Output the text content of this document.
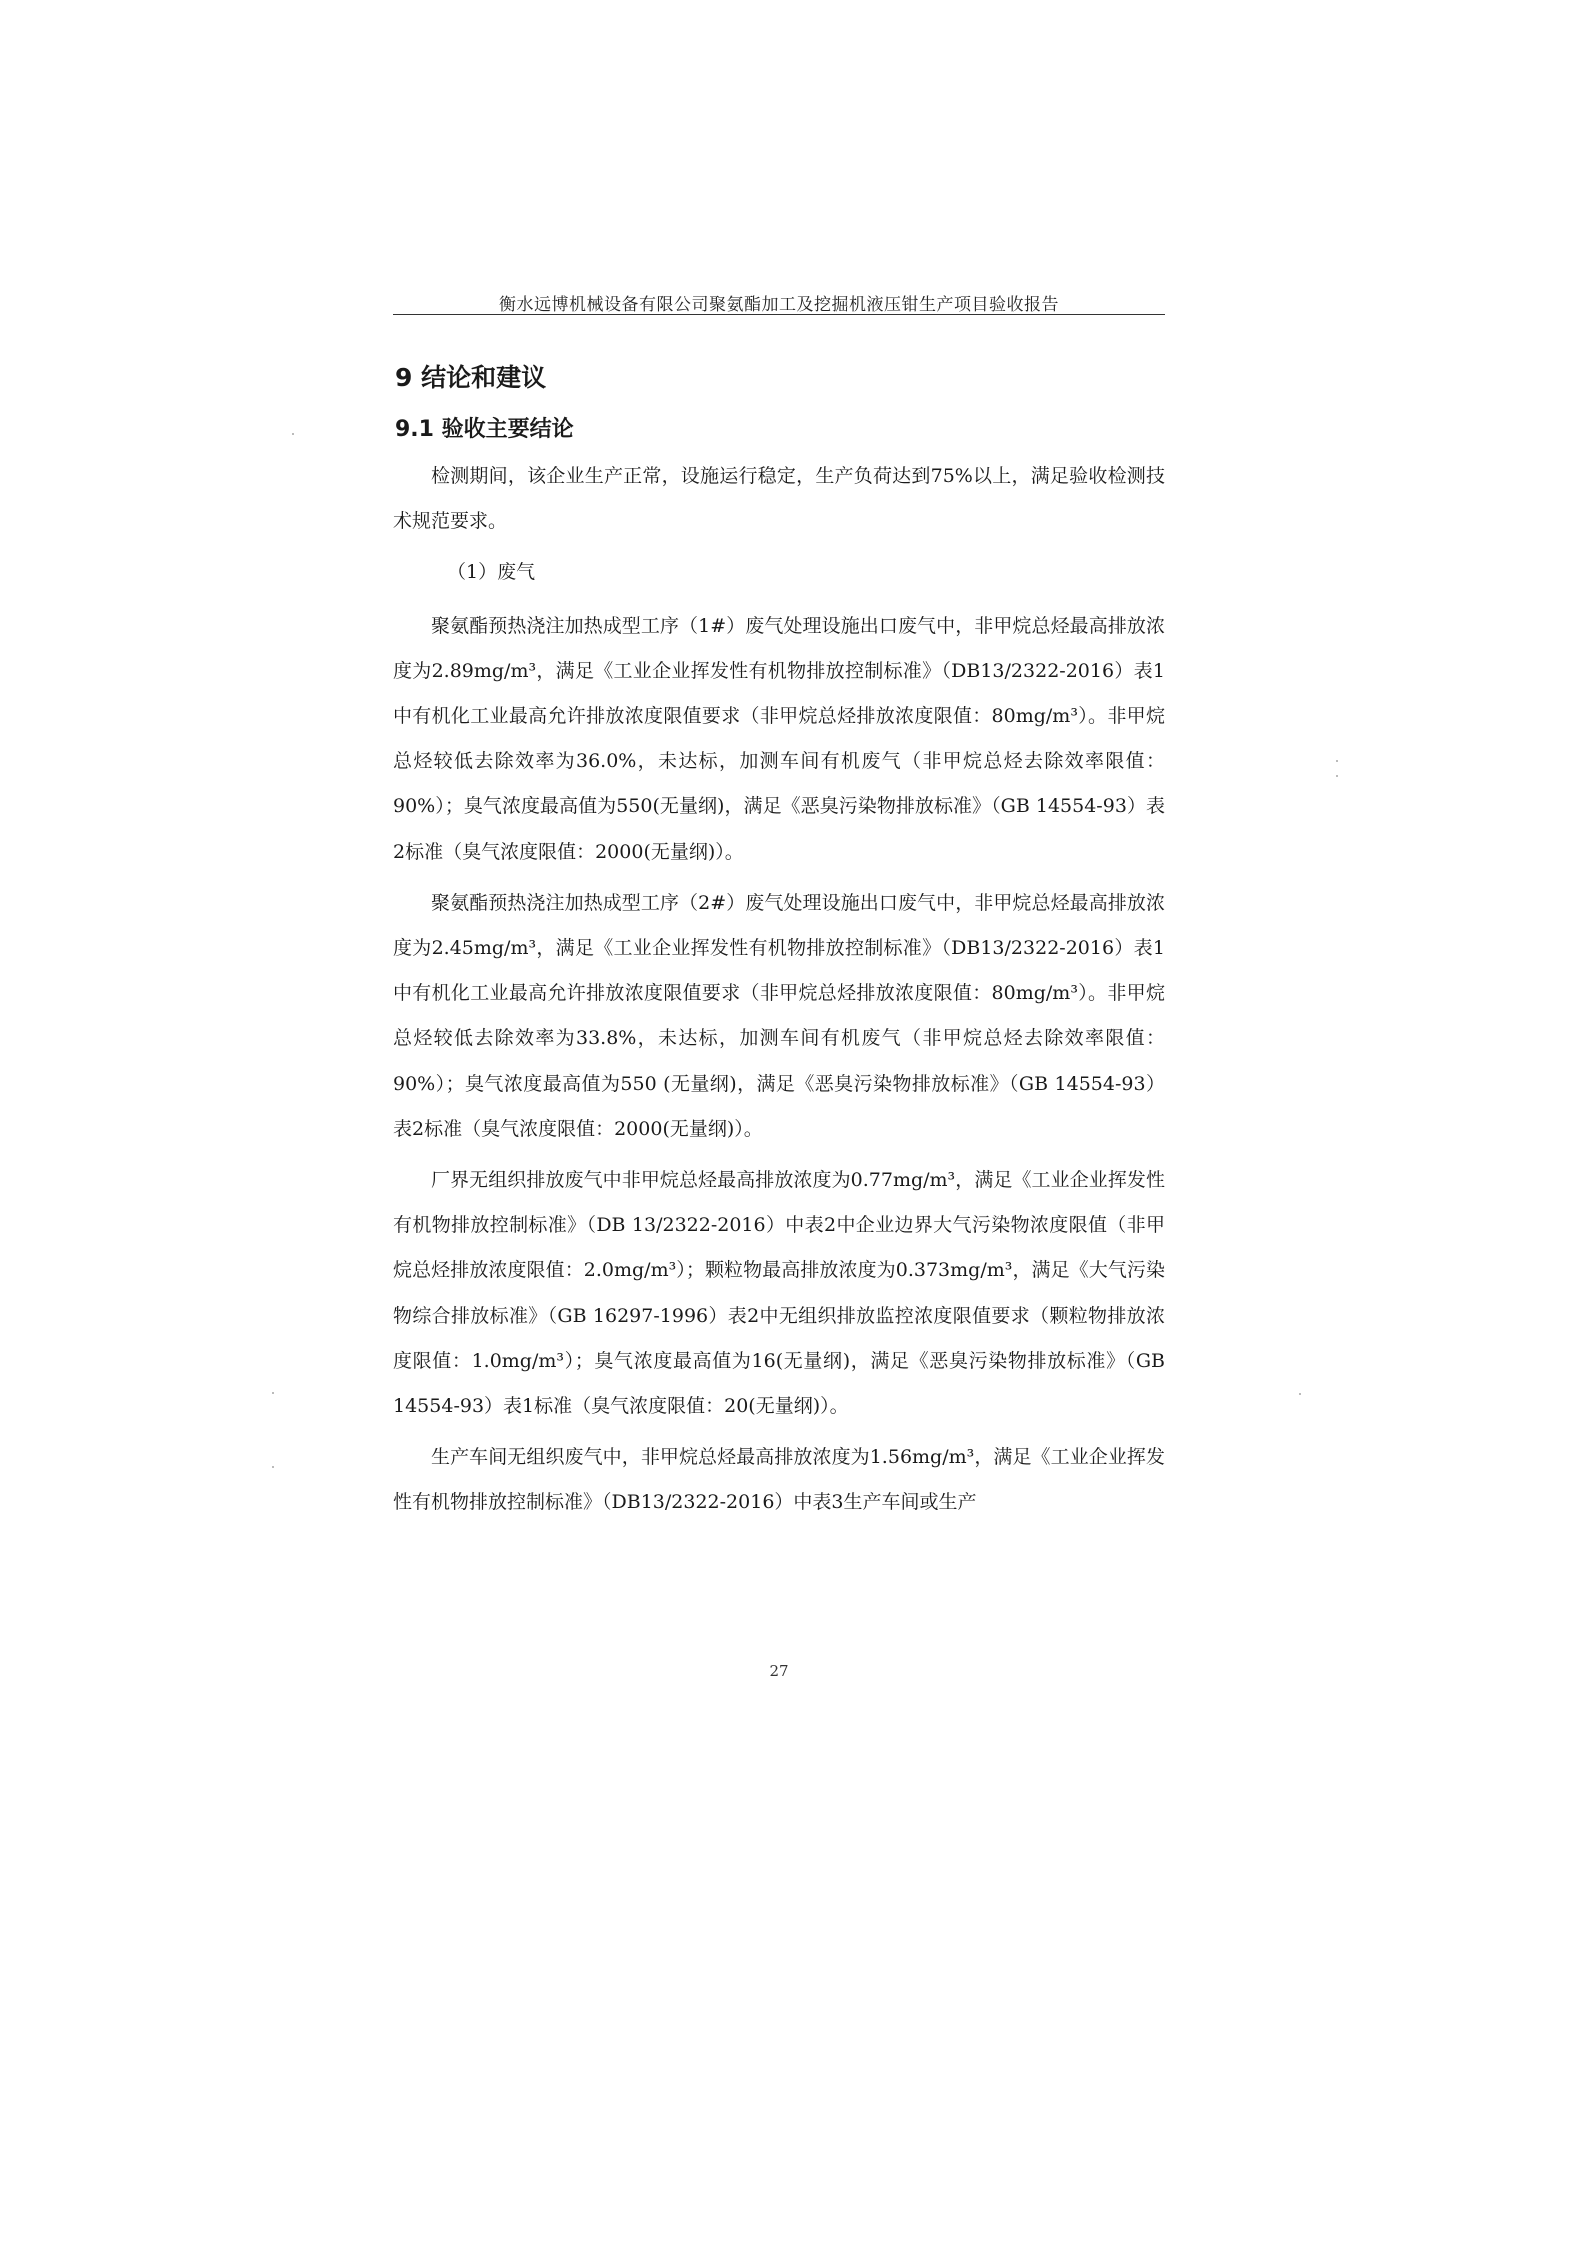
衡水远博机械设备有限公司聚氨酯加工及挖掘机液压钳生产项目验收报告
9 结论和建议
9.1 验收主要结论

检测期间，该企业生产正常，设施运行稳定，生产负荷达到75%以上，满足验收检测技术规范要求。

（1）废气

聚氨酯预热浇注加热成型工序（1#）废气处理设施出口废气中，非甲烷总烃最高排放浓度为2.89mg/m³，满足《工业企业挥发性有机物排放控制标准》（DB13/2322-2016）表1中有机化工业最高允许排放浓度限值要求（非甲烷总烃排放浓度限值：80mg/m³）。非甲烷总烃较低去除效率为36.0%，未达标，加测车间有机废气（非甲烷总烃去除效率限值：90%）；臭气浓度最高值为550(无量纲)，满足《恶臭污染物排放标准》（GB 14554-93）表2标准（臭气浓度限值：2000(无量纲)）。

聚氨酯预热浇注加热成型工序（2#）废气处理设施出口废气中，非甲烷总烃最高排放浓度为2.45mg/m³，满足《工业企业挥发性有机物排放控制标准》（DB13/2322-2016）表1中有机化工业最高允许排放浓度限值要求（非甲烷总烃排放浓度限值：80mg/m³）。非甲烷总烃较低去除效率为33.8%，未达标，加测车间有机废气（非甲烷总烃去除效率限值：90%）；臭气浓度最高值为550 (无量纲)，满足《恶臭污染物排放标准》（GB 14554-93）表2标准（臭气浓度限值：2000(无量纲)）。

厂界无组织排放废气中非甲烷总烃最高排放浓度为0.77mg/m³，满足《工业企业挥发性有机物排放控制标准》（DB 13/2322-2016）中表2中企业边界大气污染物浓度限值（非甲烷总烃排放浓度限值：2.0mg/m³）；颗粒物最高排放浓度为0.373mg/m³，满足《大气污染物综合排放标准》（GB 16297-1996）表2中无组织排放监控浓度限值要求（颗粒物排放浓度限值：1.0mg/m³）；臭气浓度最高值为16(无量纲)，满足《恶臭污染物排放标准》（GB 14554-93）表1标准（臭气浓度限值：20(无量纲)）。

生产车间无组织废气中，非甲烷总烃最高排放浓度为1.56mg/m³，满足《工业企业挥发性有机物排放控制标准》（DB13/2322-2016）中表3生产车间或生产

27
